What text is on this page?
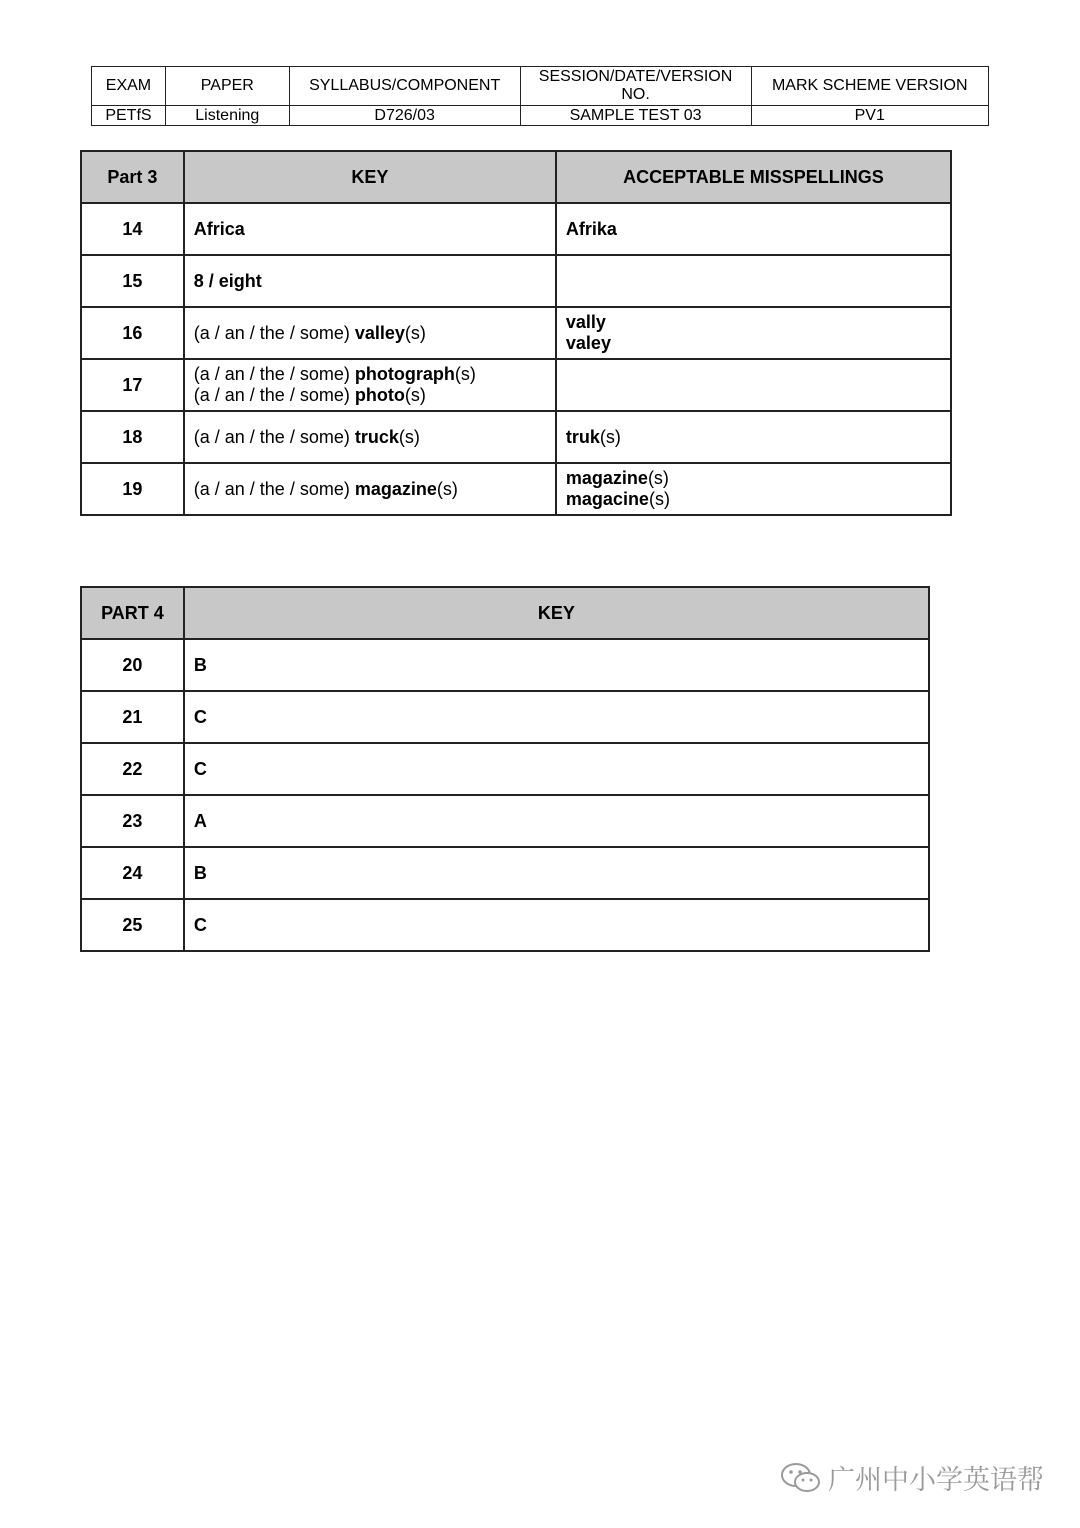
EXAM	PAPER	SYLLABUS/COMPONENT	SESSION/DATE/VERSION NO.	MARK SCHEME VERSION
PETfS	Listening	D726/03	SAMPLE TEST 03	PV1
Part 3	KEY	ACCEPTABLE MISSPELLINGS
14	Africa	Afrika

15	8 / eight	

16	(a / an / the / some) valley(s)	vally
valey

17	(a / an / the / some) photograph(s)
(a / an / the / some) photo(s)	

18	(a / an / the / some) truck(s)	truk(s)

19	(a / an / the / some) magazine(s)	magazine(s)
magacine(s)
PART 4	KEY
20	B
21	C
22	C
23	A
24	B
25	C
广州中小学英语帮
